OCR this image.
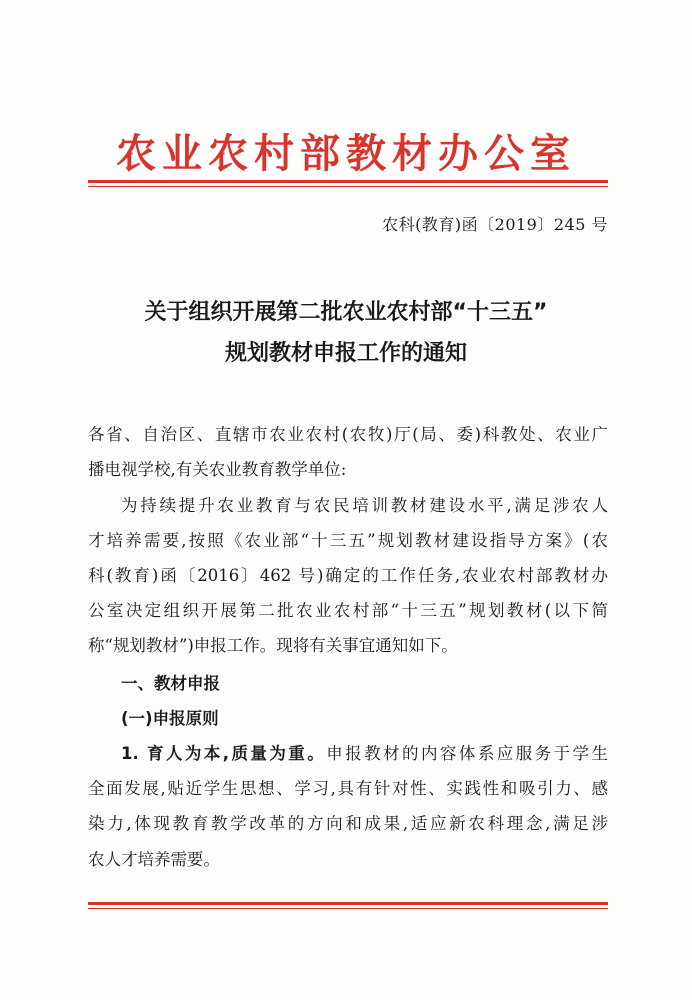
农业农村部教材办公室
农科(教育)函〔2019〕245 号
关于组织开展第二批农业农村部“十三五”
规划教材申报工作的通知
各省、自治区、直辖市农业农村(农牧)厅(局、委)科教处、农业广
播电视学校,有关农业教育教学单位:
为持续提升农业教育与农民培训教材建设水平,满足涉农人
才培养需要,按照《农业部“十三五”规划教材建设指导方案》(农
科(教育)函〔2016〕462 号)确定的工作任务,农业农村部教材办
公室决定组织开展第二批农业农村部“十三五”规划教材(以下简
称“规划教材”)申报工作。现将有关事宜通知如下。
一、教材申报
(一)申报原则
1. 育人为本,质量为重。申报教材的内容体系应服务于学生
全面发展,贴近学生思想、学习,具有针对性、实践性和吸引力、感
染力,体现教育教学改革的方向和成果,适应新农科理念,满足涉
农人才培养需要。
